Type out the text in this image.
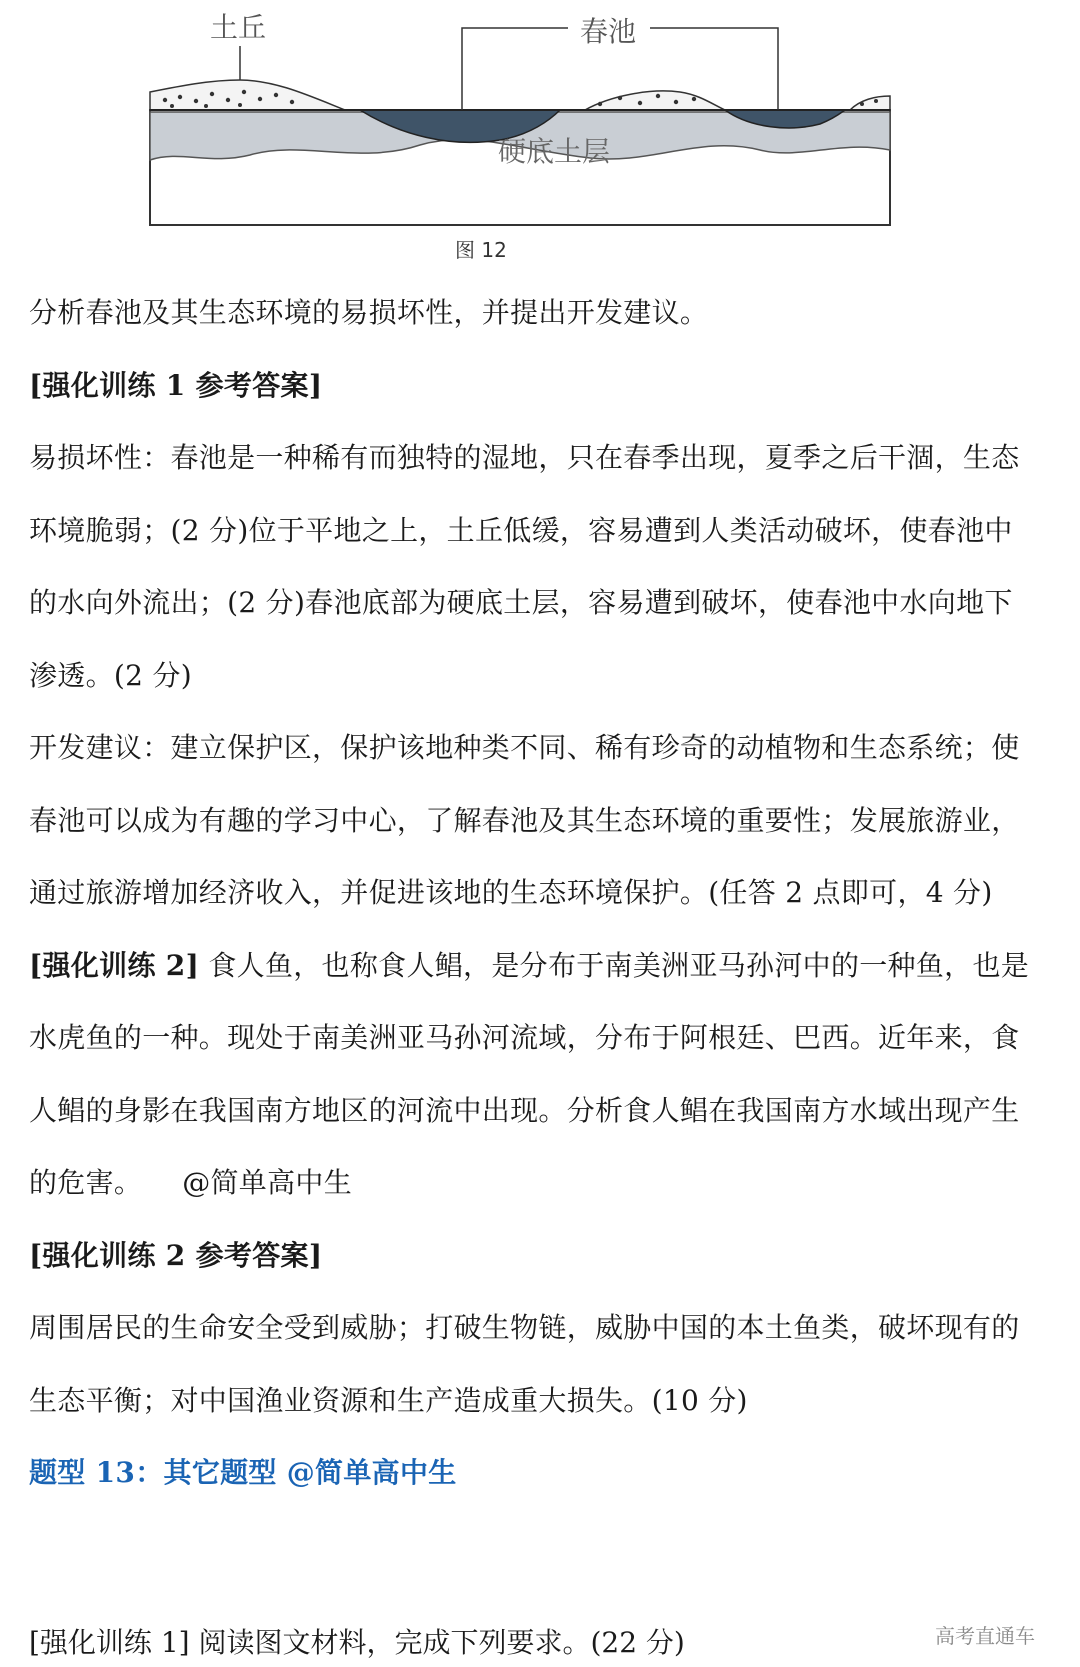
土丘	春池
硬底土层
图 12

分析春池及其生态环境的易损坏性，并提出开发建议。

[强化训练 1 参考答案]

易损坏性：春池是一种稀有而独特的湿地，只在春季出现，夏季之后干涸，生态

环境脆弱；(2 分)位于平地之上，土丘低缓，容易遭到人类活动破坏，使春池中

的水向外流出；(2 分)春池底部为硬底土层，容易遭到破坏，使春池中水向地下

渗透。(2 分)

开发建议：建立保护区，保护该地种类不同、稀有珍奇的动植物和生态系统；使

春池可以成为有趣的学习中心，了解春池及其生态环境的重要性；发展旅游业，

通过旅游增加经济收入，并促进该地的生态环境保护。(任答 2 点即可，4 分)

[强化训练 2] 食人鱼，也称食人鲳，是分布于南美洲亚马孙河中的一种鱼，也是

水虎鱼的一种。现处于南美洲亚马孙河流域，分布于阿根廷、巴西。近年来，食

人鲳的身影在我国南方地区的河流中出现。分析食人鲳在我国南方水域出现产生

的危害。 @简单高中生

[强化训练 2 参考答案]

周围居民的生命安全受到威胁；打破生物链，威胁中国的本土鱼类，破坏现有的

生态平衡；对中国渔业资源和生产造成重大损失。(10 分)

题型 13：其它题型 @简单高中生

高考直通车

[强化训练 1] 阅读图文材料，完成下列要求。(22 分)
